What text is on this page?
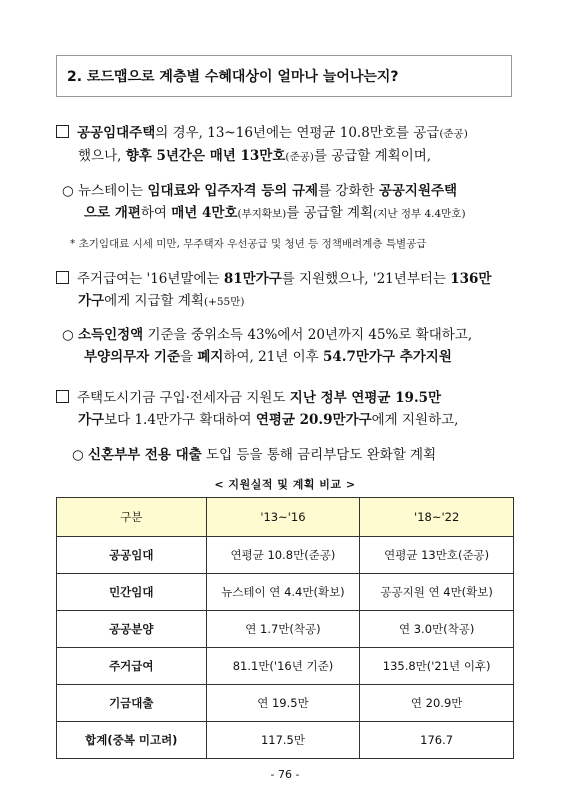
2. 로드맵으로 계층별 수혜대상이 얼마나 늘어나는지?
공공임대주택의 경우, 13~16년에는 연평균 10.8만호를 공급(준공)
했으나, 향후 5년간은 매년 13만호(준공)를 공급할 계획이며,
○ 뉴스테이는 임대료와 입주자격 등의 규제를 강화한 공공지원주택
으로 개편하여 매년 4만호(부지확보)를 공급할 계획(지난 정부 4.4만호)
* 초기임대료 시세 미만, 무주택자 우선공급 및 청년 등 정책배려계층 특별공급
주거급여는 '16년말에는 81만가구를 지원했으나, '21년부터는 136만
가구에게 지급할 계획(+55만)
○ 소득인정액 기준을 중위소득 43%에서 20년까지 45%로 확대하고,
부양의무자 기준을 폐지하여, 21년 이후 54.7만가구 추가지원
주택도시기금 구입·전세자금 지원도 지난 정부 연평균 19.5만
가구보다 1.4만가구 확대하여 연평균 20.9만가구에게 지원하고,
○ 신혼부부 전용 대출 도입 등을 통해 금리부담도 완화할 계획
< 지원실적 및 계획 비교 >
구분	'13~'16	'18~'22
공공임대	연평균 10.8만(준공)	연평균 13만호(준공)
민간임대	뉴스테이 연 4.4만(확보)	공공지원 연 4만(확보)
공공분양	연 1.7만(착공)	연 3.0만(착공)
주거급여	81.1만('16년 기준)	135.8만('21년 이후)
기금대출	연 19.5만	연 20.9만
합계(중복 미고려)	117.5만	176.7
- 76 -
